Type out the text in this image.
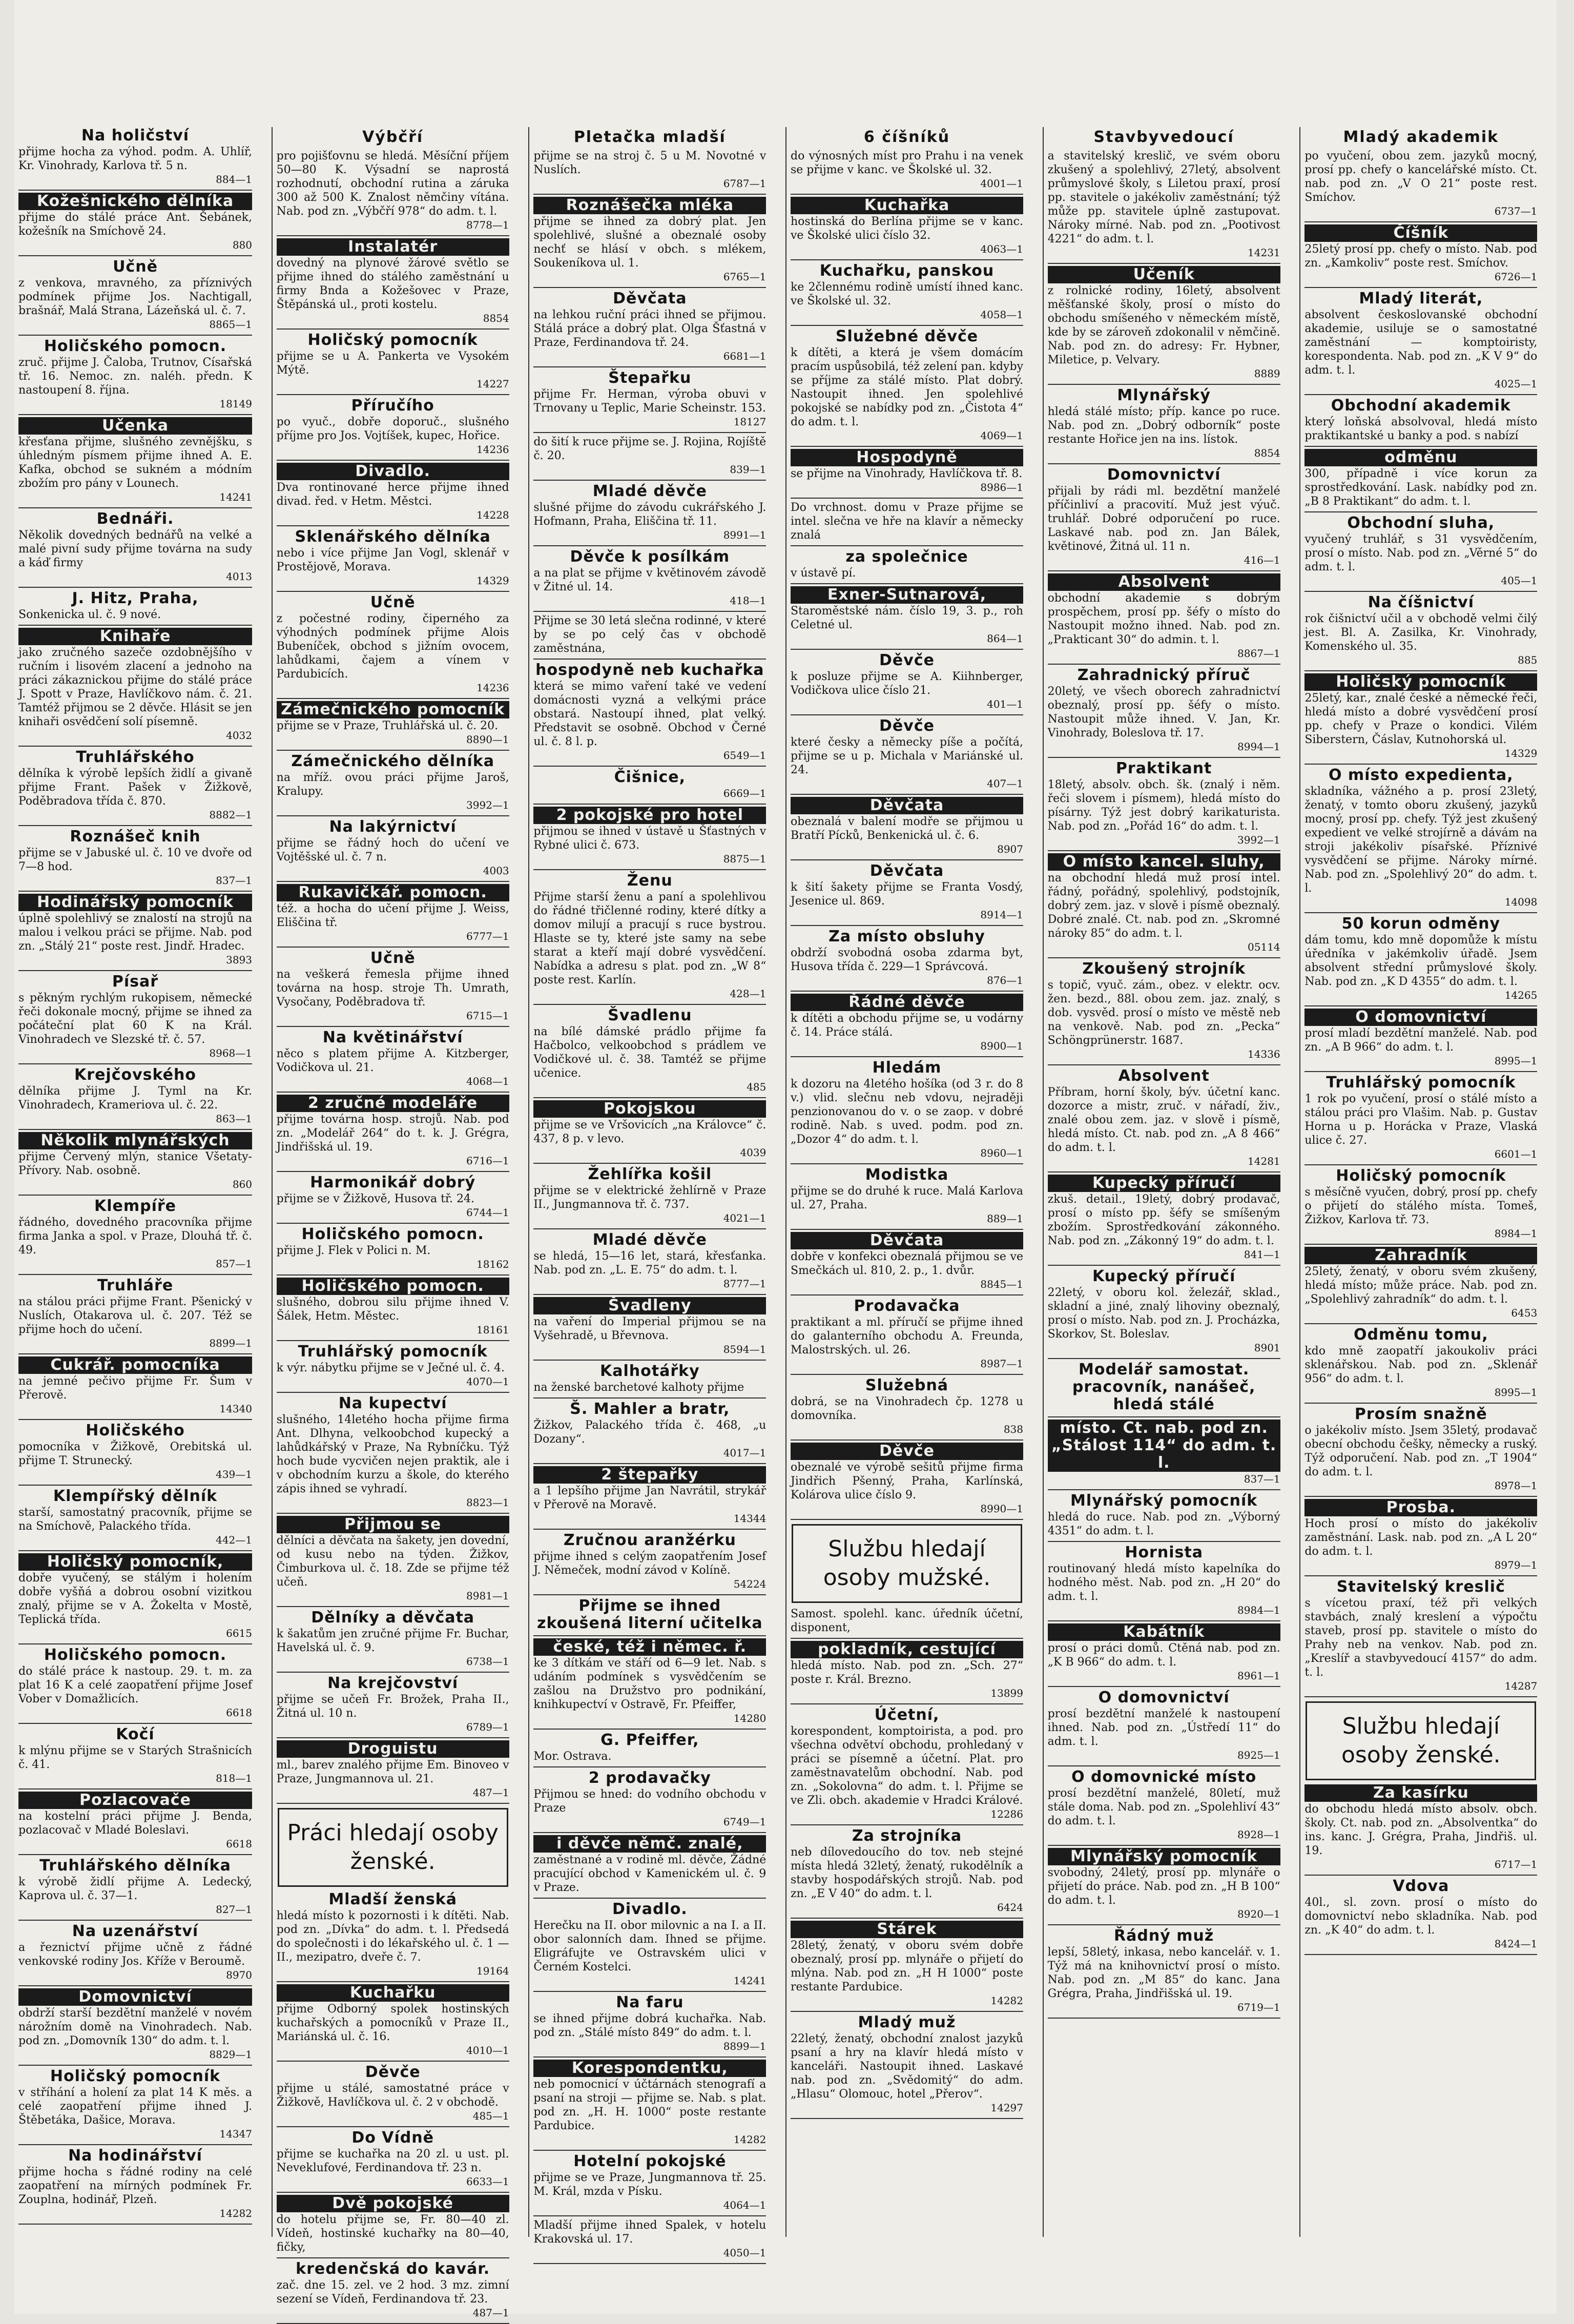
Na holičství
přijme hocha za výhod. podm. A. Uhlíř, Kr. Vinohrady, Karlova tř. 5 n.
884—1
Kožešnického dělníka
přijme do stálé práce Ant. Šebánek, kožešník na Smíchově 24.
880
Učně
z venkova, mravného, za příznivých podmínek přijme Jos. Nachtigall, brašnář, Malá Strana, Lázeňská ul. č. 7.
8865—1
Holičského pomocn.
zruč. přijme J. Čaloba, Trutnov, Císařská tř. 16. Nemoc. zn. naléh. předn. K nastoupení 8. října.
18149
Učenka
křesťana přijme, slušného zevnějšku, s úhledným písmem přijme ihned A. E. Kafka, obchod se sukném a módním zbožím pro pány v Lounech.
14241
Bednáři.
Několik dovedných bednářů na velké a malé pivní sudy přijme továrna na sudy a káď firmy
4013
J. Hitz, Praha,
Sonkenicka ul. č. 9 nové.
Knihaře
jako zručného sazeče ozdobnějšího v ručním i lisovém zlacení a jednoho na práci zákaznickou přijme do stálé práce J. Spott v Praze, Havlíčkovo nám. č. 21. Tamtéž přijmou se 2 děvče. Hlásit se jen knihaři osvědčení solí písemně.
4032
Truhlářského
dělníka k výrobě lepších židlí a givaně přijme Frant. Pašek v Žižkově, Poděbradova třída č. 870.
8882—1
Roznášeč knih
přijme se v Jabuské ul. č. 10 ve dvoře od 7—8 hod.
837—1
Hodinářský pomocník
úplně spolehlivý se znalostí na strojů na malou i velkou práci se přijme. Nab. pod zn. „Stálý 21“ poste rest. Jindř. Hradec.
3893
Písař
s pěkným rychlým rukopisem, německé řeči dokonale mocný, přijme se ihned za počáteční plat 60 K na Král. Vinohradech ve Slezské tř. č. 57.
8968—1
Krejčovského
dělníka přijme J. Tyml na Kr. Vinohradech, Krameriova ul. č. 22.
863—1
Několik mlynářských
přijme Červený mlýn, stanice Všetaty-Přívory. Nab. osobně.
860
Klempíře
řádného, dovedného pracovníka přijme firma Janka a spol. v Praze, Dlouhá tř. č. 49.
857—1
Truhláře
na stálou práci přijme Frant. Pšenický v Nuslích, Otakarova ul. č. 207. Též se přijme hoch do učení.
8899—1
Cukrář. pomocníka
na jemné pečivo přijme Fr. Šum v Přerově.
14340
Holičského
pomocníka v Žižkově, Orebitská ul. přijme T. Strunecký.
439—1
Klempířský dělník
starší, samostatný pracovník, přijme se na Smíchově, Palackého třída.
442—1
Holičský pomocník,
dobře vyučený, se stálým i holením dobře vyšňá a dobrou osobní vizitkou znalý, přijme se v A. Žokelta v Mostě, Teplická třída.
6615
Holičského pomocn.
do stálé práce k nastoup. 29. t. m. za plat 16 K a celé zaopatření přijme Josef Vober v Domažlicích.
6618
Kočí
k mlýnu přijme se v Starých Strašnicích č. 41.
818—1
Pozlacovače
na kostelní práci přijme J. Benda, pozlacovač v Mladé Boleslavi.
6618
Truhlářského dělníka
k výrobě židlí přijme A. Ledecký, Kaprova ul. č. 37—1.
827—1
Na uzenářství
a řeznictví přijme učně z řádné venkovské rodiny Jos. Kříže v Beroumě.
8970
Domovnictví
obdrží starší bezdětní manželé v novém nárožním domě na Vinohradech. Nab. pod zn. „Domovník 130“ do adm. t. l.
8829—1
Holičský pomocník
v stříhání a holení za plat 14 K měs. a celé zaopatření přijme ihned J. Štěbetáka, Dašice, Morava.
14347
Na hodinářství
přijme hocha s řádné rodiny na celé zaopatření na mírných podmínek Fr. Zouplna, hodinář, Plzeň.
14282
Výbčří
pro pojišťovnu se hledá. Měsíční příjem 50—80 K. Výsadní se naprostá rozhodnutí, obchodní rutina a záruka 300 až 500 K. Znalost němčiny vítána. Nab. pod zn. „Výbčří 978“ do adm. t. l.
8778—1
Instalatér
dovedný na plynové žárové světlo se přijme ihned do stálého zaměstnání u firmy Bnda a Kožešovec v Praze, Štěpánská ul., proti kostelu.
8854
Holičský pomocník
přijme se u A. Pankerta ve Vysokém Mýtě.
14227
Příručího
po vyuč., dobře doporuč., slušného příjme pro Jos. Vojtíšek, kupec, Hořice.
14236
Divadlo.
Dva rontinované herce přijme ihned divad. řed. v Hetm. Městci.
14228
Sklenářského dělníka
nebo i více přijme Jan Vogl, sklenář v Prostějově, Morava.
14329
Učně
z počestné rodiny, čiperného za výhodných podmínek přijme Alois Bubeníček, obchod s jižním ovocem, lahůdkami, čajem a vínem v Pardubicích.
14236
Zámečnického pomocník
přijme se v Praze, Truhlářská ul. č. 20.
8890—1
Zámečnického dělníka
na mříž. ovou práci přijme Jaroš, Kralupy.
3992—1
Na lakýrnictví
přijme se řádný hoch do učení ve Vojtěšské ul. č. 7 n.
4003
Rukavičkář. pomocn.
též. a hocha do učení přijme J. Weiss, Eliščina tř.
6777—1
Učně
na veškerá řemesla přijme ihned továrna na hosp. stroje Th. Umrath, Vysočany, Poděbradova tř.
6715—1
Na květinářství
něco s platem přijme A. Kitzberger, Vodičkova ul. 21.
4068—1
2 zručné modeláře
přijme továrna hosp. strojů. Nab. pod zn. „Modelář 264“ do t. k. J. Grégra, Jindřišská ul. 19.
6716—1
Harmonikář dobrý
přijme se v Žižkově, Husova tř. 24.
6744—1
Holičského pomocn.
přijme J. Flek v Polici n. M.
18162
Holičského pomocn.
slušného, dobrou silu přijme ihned V. Šálek, Hetm. Městec.
18161
Truhlářský pomocník
k výr. nábytku přijme se v Ječné ul. č. 4.
4070—1
Na kupectví
slušného, 14letého hocha přijme firma Ant. Dlhyna, velkoobchod kupecký a lahůdkářský v Praze, Na Rybníčku. Týž hoch bude vycvičen nejen praktik, ale i v obchodním kurzu a škole, do kterého zápis ihned se vyhradí.
8823—1
Přijmou se
dělníci a děvčata na šakety, jen dovední, od kusu nebo na týden. Žižkov, Čimburkova ul. č. 18. Zde se přijme též učeň.
8981—1
Dělníky a děvčata
k šakatům jen zručné přijme Fr. Buchar, Havelská ul. č. 9.
6738—1
Na krejčovství
přijme se učeň Fr. Brožek, Praha II., Žitná ul. 10 n.
6789—1
Droguistu
ml., barev znalého přijme Em. Binoveo v Praze, Jungmannova ul. 21.
487—1
Práci hledají osoby ženské.
Mladší ženská
hledá místo k pozornosti i k dítěti. Nab. pod zn. „Dívka“ do adm. t. l. Předsedá do společnosti i do lékařského ul. č. 1 — II., mezipatro, dveře č. 7.
19164
Kuchařku
přijme Odborný spolek hostinských kuchařských a pomocníků v Praze II., Mariánská ul. č. 16.
4010—1
Děvče
přijme u stálé, samostatné práce v Žižkově, Havlíčkova ul. č. 2 v obchodě.
485—1
Do Vídně
přijme se kuchařka na 20 zl. u ust. pl. Neveklufové, Ferdinandova tř. 23 n.
6633—1
Dvě pokojské
do hotelu přijme se, Fr. 80—40 zl. Vídeň, hostinské kuchařky na 80—40, fičky,
kredenčská do kavár.
zač. dne 15. zel. ve 2 hod. 3 mz. zimní sezení se Vídeň, Ferdinandova tř. 23.
487—1
Pletačka mladší
přijme se na stroj č. 5 u M. Novotné v Nuslích.
6787—1
Roznášečka mléka
přijme se ihned za dobrý plat. Jen spolehlivé, slušné a obeznalé osoby nechť se hlásí v obch. s mlékem, Soukeníkova ul. 1.
6765—1
Děvčata
na lehkou ruční práci ihned se přijmou. Stálá práce a dobrý plat. Olga Šťastná v Praze, Ferdinandova tř. 24.
6681—1
Štepařku
přijme Fr. Herman, výroba obuvi v Trnovany u Teplic, Marie Scheinstr. 153.
18127
do šití k ruce přijme se. J. Rojina, Rojíště č. 20.
839—1
Mladé děvče
slušné přijme do závodu cukrářského J. Hofmann, Praha, Eliščina tř. 11.
8991—1
Děvče k posílkám
a na plat se přijme v květinovém závodě v Žitné ul. 14.
418—1
Přijme se 30 letá slečna rodinné, v které by se po celý čas v obchodě zaměstnána,
hospodyně neb kuchařka
která se mimo vaření také ve vedení domácnosti vyzná a velkými práce obstará. Nastoupí ihned, plat velký. Představit se osobně. Obchod v Černé ul. č. 8 l. p.
6549—1
Čišnice,
6669—1
2 pokojské pro hotel
přijmou se ihned v ústavě u Šťastných v Rybné ulici č. 673.
8875—1
Ženu
Přijme starší ženu a paní a spolehlivou do řádné třičlenné rodiny, které dítky a domov milují a pracují s ruce bystrou. Hlaste se ty, které jste samy na sebe starat a kteří mají dobré vysvědčení. Nabídka a adresu s plat. pod zn. „W 8“ poste rest. Karlín.
428—1
Švadlenu
na bílé dámské prádlo přijme fa Hačbolco, velkoobchod s prádlem ve Vodičkové ul. č. 38. Tamtéž se přijme učenice.
485
Pokojskou
přijme se ve Vršovicích „na Královce“ č. 437, 8 p. v levo.
4039
Žehlířka košil
přijme se v elektrické žehlírně v Praze II., Jungmannova tř. č. 737.
4021—1
Mladé děvče
se hledá, 15—16 let, stará, křesťanka. Nab. pod zn. „L. E. 75“ do adm. t. l.
8777—1
Švadleny
na vaření do Imperial přijmou se na Vyšehradě, u Břevnova.
8594—1
Kalhotářky
na ženské barchetové kalhoty přijme
Š. Mahler a bratr,
Žižkov, Palackého třída č. 468, „u Dozany“.
4017—1
2 štepařky
a 1 lepšího přijme Jan Navrátil, strykář v Přerově na Moravě.
14344
Zručnou aranžérku
přijme ihned s celým zaopatřením Josef J. Němeček, modní závod v Kolíně.
54224
Přijme se ihned zkoušená literní učitelka
české, též i němec. ř.
ke 3 dítkám ve stáří od 6—9 let. Nab. s udáním podmínek s vysvědčením se zašlou na Družstvo pro podnikání, knihkupectví v Ostravě, Fr. Pfeiffer,
14280
G. Pfeiffer,
Mor. Ostrava.
2 prodavačky
Přijmou se hned: do vodního obchodu v Praze
6749—1
i děvče němč. znalé,
zaměstnané a v rodině ml. děvče, Žádné pracující obchod v Kamenickém ul. č. 9 v Praze.
Divadlo.
Herečku na II. obor milovnic a na I. a II. obor salonních dam. Ihned se přijme. Eligráfujte ve Ostravském ulici v Černém Kostelci.
14241
Na faru
se ihned přijme dobrá kuchařka. Nab. pod zn. „Stálé místo 849“ do adm. t. l.
8899—1
Korespondentku,
neb pomocnicí v účtárnách stenografí a psaní na stroji — přijme se. Nab. s plat. pod zn. „H. H. 1000“ poste restante Pardubice.
14282
Hotelní pokojské
přijme se ve Praze, Jungmannova tř. 25. M. Král, mzda v Písku.
4064—1
Mladší přijme ihned Spalek, v hotelu Krakovská ul. 17.
4050—1
6 číšníků
do výnosných míst pro Prahu i na venek se přijme v kanc. ve Školské ul. 32.
4001—1
Kuchařka
hostinská do Berlína přijme se v kanc. ve Školské ulici číslo 32.
4063—1
Kuchařku, panskou
ke 2člennému rodině umístí ihned kanc. ve Školské ul. 32.
4058—1
Služebné děvče
k dítěti, a která je všem domácím pracím uspůsobilá, též zelení pan. kdyby se příjme za stálé místo. Plat dobrý. Nastoupit ihned. Jen spolehlivé pokojské se nabídky pod zn. „Čistota 4“ do adm. t. l.
4069—1
Hospodyně
se přijme na Vinohrady, Havlíčkova tř. 8.
8986—1
Do vrchnost. domu v Praze přijme se intel. slečna ve hře na klavír a německy znalá
za společnice
v ústavě pí.
Exner-Sutnarová,
Staroměstské nám. číslo 19, 3. p., roh Celetné ul.
864—1
Děvče
k posluze přijme se A. Kiihnberger, Vodičkova ulice číslo 21.
401—1
Děvče
které česky a německy píše a počítá, přijme se u p. Michala v Mariánské ul. 24.
407—1
Děvčata
obeznalá v balení modře se přijmou u Bratří Pícků, Benkenická ul. č. 6.
8907
Děvčata
k šití šakety přijme se Franta Vosdý, Jesenice ul. 869.
8914—1
Za místo obsluhy
obdrží svobodná osoba zdarma byt, Husova třída č. 229—1 Správcová.
876—1
Řádné děvče
k dítěti a obchodu přijme se, u vodárny č. 14. Práce stálá.
8900—1
Hledám
k dozoru na 4letého hošíka (od 3 r. do 8 v.) vlid. slečnu neb vdovu, nejraději penzionovanou do v. o se zaop. v dobré rodině. Nab. s uved. podm. pod zn. „Dozor 4“ do adm. t. l.
8960—1
Modistka
přijme se do druhé k ruce. Malá Karlova ul. 27, Praha.
889—1
Děvčata
dobře v konfekci obeznalá přijmou se ve Smečkách ul. 810, 2. p., 1. dvůr.
8845—1
Prodavačka
praktikant a ml. příručí se přijme ihned do galanterního obchodu A. Freunda, Malostrských. ul. 26.
8987—1
Služebná
dobrá, se na Vinohradech čp. 1278 u domovníka.
838
Děvče
obeznalé ve výrobě sešitů přijme firma Jindřich Pšenný, Praha, Karlínská, Kolárova ulice číslo 9.
8990—1
Službu hledají osoby mužské.
Samost. spolehl. kanc. úředník účetní, disponent,
pokladník, cestující
hledá místo. Nab. pod zn. „Sch. 27“ poste r. Král. Brezno.
13899
Účetní,
korespondent, komptoirista, a pod. pro všechna odvětví obchodu, prohledaný v práci se písemně a účetní. Plat. pro zaměstnavatelům obchodní. Nab. pod zn. „Sokolovna“ do adm. t. l. Přijme se ve Zli. obch. akademie v Hradci Králové.
12286
Za strojníka
neb dílovedoucího do tov. neb stejné místa hledá 32letý, ženatý, rukodělník a stavby hospodářských strojů. Nab. pod zn. „E V 40“ do adm. t. l.
6424
Stárek
28letý, ženatý, v oboru svém dobře obeznalý, prosí pp. mlynáře o přijetí do mlýna. Nab. pod zn. „H H 1000“ poste restante Pardubice.
14282
Mladý muž
22letý, ženatý, obchodní znalost jazyků psaní a hry na klavír hledá místo v kanceláři. Nastoupit ihned. Laskavé nab. pod zn. „Svědomitý“ do adm. „Hlasu“ Olomouc, hotel „Přerov“.
14297
Stavbyvedoucí
a stavitelský kreslič, ve svém oboru zkušený a spolehlivý, 27letý, absolvent průmyslové školy, s Liletou praxí, prosí pp. stavitele o jakékoliv zaměstnání; týž může pp. stavitele úplně zastupovat. Nároky mírné. Nab. pod zn. „Pootivost 4221“ do adm. t. l.
14231
Učeník
z rolnické rodiny, 16letý, absolvent měšťanské školy, prosí o místo do obchodu smíšeného v německém místě, kde by se zároveň zdokonalil v němčině. Nab. pod zn. do adresy: Fr. Hybner, Miletice, p. Velvary.
8889
Mlynářský
hledá stálé místo; příp. kance po ruce. Nab. pod zn. „Dobrý odborník“ poste restante Hořice jen na ins. lístok.
8854
Domovnictví
přijali by rádi ml. bezdětní manželé příčinliví a pracovití. Muž jest výuč. truhlář. Dobré odporučení po ruce. Laskavé nab. pod zn. Jan Bálek, květinové, Žitná ul. 11 n.
416—1
Absolvent
obchodní akademie s dobrým prospěchem, prosí pp. šéfy o místo do Nastoupit možno ihned. Nab. pod zn. „Prakticant 30“ do admin. t. l.
8867—1
Zahradnický příruč
20letý, ve všech oborech zahradnictví obeznalý, prosí pp. šéfy o místo. Nastoupit může ihned. V. Jan, Kr. Vinohrady, Boleslova tř. 17.
8994—1
Praktikant
18letý, absolv. obch. šk. (znalý i něm. řeči slovem i písmem), hledá místo do písárny. Týž jest dobrý karikaturista. Nab. pod zn. „Pořád 16“ do adm. t. l.
3992—1
O místo kancel. sluhy,
na obchodní hledá muž prosí intel. řádný, pořádný, spolehlivý, podstojník, dobrý zem. jaz. v slově i písmě obeznalý. Dobré znalé. Ct. nab. pod zn. „Skromné nároky 85“ do adm. t. l.
05114
Zkoušený strojník
s topič, vyuč. zám., obez. v elektr. ocv. žen. bezd., 88l. obou zem. jaz. znalý, s dob. vysvěd. prosí o místo ve městě neb na venkově. Nab. pod zn. „Pecka“ Schöngprünerstr. 1687.
14336
Absolvent
Příbram, horní školy, býv. účetní kanc. dozorce a mistr, zruč. v nářadí, živ., znalé obou zem. jaz. v slově i písmě, hledá místo. Ct. nab. pod zn. „A 8 466“ do adm. t. l.
14281
Kupecký příručí
zkuš. detail., 19letý, dobrý prodavač, prosí o místo pp. šéfy se smíšeným zbožím. Sprostředkování zákonného. Nab. pod zn. „Zákonný 19“ do adm. t. l.
841—1
Kupecký příručí
22letý, v oboru kol. železář, sklad., skladní a jiné, znalý lihoviny obeznalý, prosí o místo. Nab. pod zn. J. Procházka, Skorkov, St. Boleslav.
8901
Modelář samostat. pracovník, nanášeč, hledá stálé
místo. Ct. nab. pod zn. „Stálost 114“ do adm. t. l.
837—1
Mlynářský pomocník
hledá do ruce. Nab. pod zn. „Výborný 4351“ do adm. t. l.
Hornista
routinovaný hledá místo kapelníka do hodného měst. Nab. pod zn. „H 20“ do adm. t. l.
8984—1
Kabátník
prosí o práci domů. Ctěná nab. pod zn. „K B 966“ do adm. t. l.
8961—1
O domovnictví
prosí bezdětní manželé k nastoupení ihned. Nab. pod zn. „Ústředí 11“ do adm. t. l.
8925—1
O domovnické místo
prosí bezdětní manželé, 80letí, muž stále doma. Nab. pod zn. „Spolehliví 43“ do adm. t. l.
8928—1
Mlynářský pomocník
svobodný, 24letý, prosí pp. mlynáře o přijetí do práce. Nab. pod zn. „H B 100“ do adm. t. l.
8920—1
Řádný muž
lepší, 58letý, inkasa, nebo kancelář. v. 1. Týž má na knihovnictví prosí o místo. Nab. pod zn. „M 85“ do kanc. Jana Grégra, Praha, Jindřišská ul. 19.
6719—1
Mladý akademik
po vyučení, obou zem. jazyků mocný, prosí pp. chefy o kancelářské místo. Ct. nab. pod zn. „V O 21“ poste rest. Smíchov.
6737—1
Číšník
25letý prosí pp. chefy o místo. Nab. pod zn. „Kamkoliv“ poste rest. Smíchov.
6726—1
Mladý literát,
absolvent českoslovanské obchodní akademie, usiluje se o samostatné zaměstnání — komptoiristy, korespondenta. Nab. pod zn. „K V 9“ do adm. t. l.
4025—1
Obchodní akademik
který loňská absolvoval, hledá místo praktikantské u banky a pod. s nabízí
odměnu
300, případně i více korun za sprostředkování. Lask. nabídky pod zn. „B 8 Praktikant“ do adm. t. l.
Obchodní sluha,
vyučený truhlář, s 31 vysvědčením, prosí o místo. Nab. pod zn. „Věrné 5“ do adm. t. l.
405—1
Na číšnictví
rok čišnictví učil a v obchodě velmi čilý jest. Bl. A. Zasilka, Kr. Vinohrady, Komenského ul. 35.
885
Holičský pomocník
25letý, kar., znalé české a německé řeči, hledá místo a dobré vysvědčení prosí pp. chefy v Praze o kondici. Vilém Siberstern, Čáslav, Kutnohorská ul.
14329
O místo expedienta,
skladníka, vážného a p. prosí 23letý, ženatý, v tomto oboru zkušený, jazyků mocný, prosí pp. chefy. Týž jest zkušený expedient ve velké strojírně a dávám na stroji jakékoliv písařské. Příznivé vysvědčení se přijme. Nároky mírné. Nab. pod zn. „Spolehlivý 20“ do adm. t. l.
14098
50 korun odměny
dám tomu, kdo mně dopomůže k místu úředníka v jakémkoliv úřadě. Jsem absolvent střední průmyslové školy. Nab. pod zn. „K D 4355“ do adm. t. l.
14265
O domovnictví
prosí mladí bezdětní manželé. Nab. pod zn. „A B 966“ do adm. t. l.
8995—1
Truhlářský pomocník
1 rok po vyučení, prosí o stálé místo a stálou práci pro Vlašim. Nab. p. Gustav Horna u p. Horácka v Praze, Vlaská ulice č. 27.
6601—1
Holičský pomocník
s měsíčně vyučen, dobrý, prosí pp. chefy o přijetí do stálého místa. Tomeš, Žižkov, Karlova tř. 73.
8984—1
Zahradník
25letý, ženatý, v oboru svém zkušený, hledá místo; může práce. Nab. pod zn. „Spolehlivý zahradník“ do adm. t. l.
6453
Odměnu tomu,
kdo mně zaopatří jakoukoliv práci sklenářskou. Nab. pod zn. „Sklenář 956“ do adm. t. l.
8995—1
Prosím snažně
o jakékoliv místo. Jsem 35letý, prodavač obecní obchodu češky, německy a ruský. Týž odporučení. Nab. pod zn. „T 1904“ do adm. t. l.
8978—1
Prosba.
Hoch prosí o místo do jakékoliv zaměstnání. Lask. nab. pod zn. „A L 20“ do adm. t. l.
8979—1
Stavitelský kreslič
s vícetou praxí, též při velkých stavbách, znalý kreslení a výpočtu staveb, prosí pp. stavitele o místo do Prahy neb na venkov. Nab. pod zn. „Kreslíř a stavbyvedoucí 4157“ do adm. t. l.
14287
Službu hledají osoby ženské.
Za kasírku
do obchodu hledá místo absolv. obch. školy. Ct. nab. pod zn. „Absolventka“ do ins. kanc. J. Grégra, Praha, Jindřiš. ul. 19.
6717—1
Vdova
40l., sl. zovn. prosí o místo do domovnictví nebo skladníka. Nab. pod zn. „K 40“ do adm. t. l.
8424—1
